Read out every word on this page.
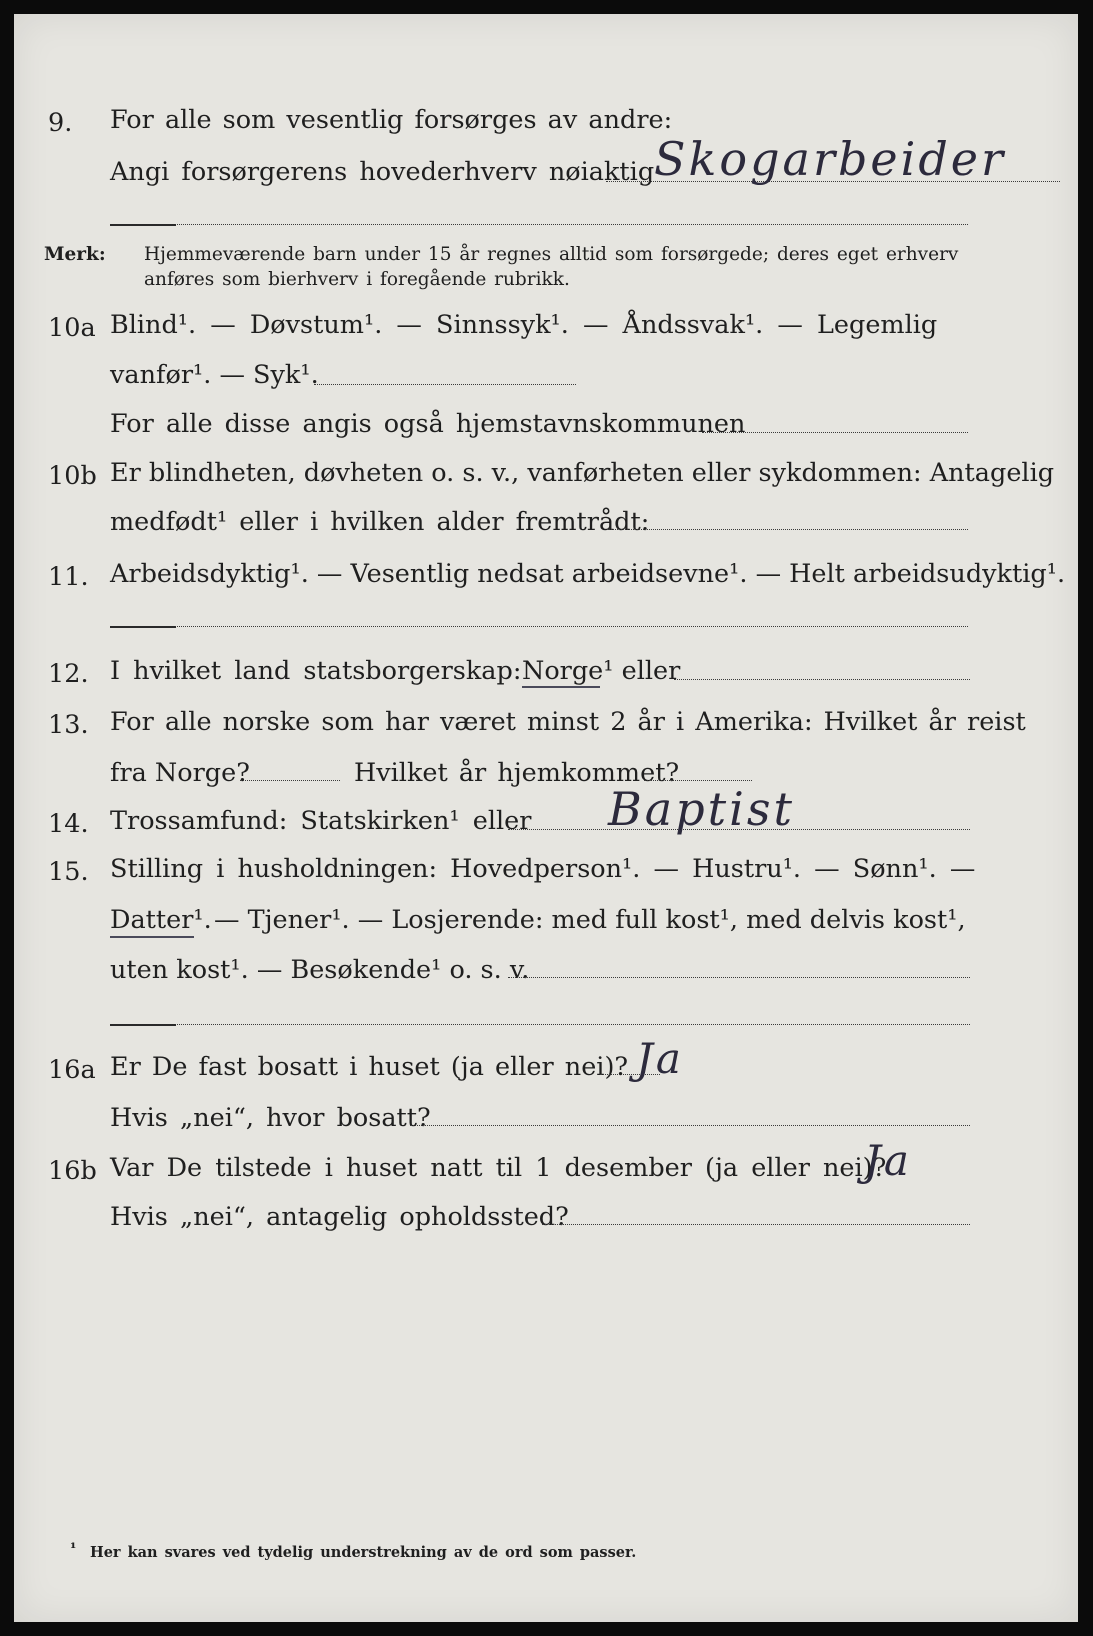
9. For alle som vesentlig forsørges av andre:
Angi forsørgerens hovederhverv nøiaktig Skogarbeider
Merk: Hjemmeværende barn under 15 år regnes alltid som forsørgede; deres eget erhverv
anføres som bierhverv i foregående rubrikk.
10a Blind¹. — Døvstum¹. — Sinnssyk¹. — Åndssvak¹. — Legemlig
vanfør¹. — Syk¹.
For alle disse angis også hjemstavnskommunen
10b Er blindheten, døvheten o. s. v., vanførheten eller sykdommen: Antagelig
medfødt¹ eller i hvilken alder fremtrådt:
11. Arbeidsdyktig¹. — Vesentlig nedsat arbeidsevne¹. — Helt arbeidsudyktig¹.
12. I hvilket land statsborgerskap: Norge¹ eller
13. For alle norske som har været minst 2 år i Amerika: Hvilket år reist
fra Norge?	Hvilket år hjemkommet?
14. Trossamfund: Statskirken¹ eller Baptist
15. Stilling i husholdningen: Hovedperson¹. — Hustru¹. — Sønn¹. —
Datter¹. — Tjener¹. — Losjerende: med full kost¹, med delvis kost¹,
uten kost¹. — Besøkende¹ o. s. v.
16a Er De fast bosatt i huset (ja eller nei)? Ja
Hvis „nei“, hvor bosatt?
16b Var De tilstede i huset natt til 1 desember (ja eller nei)?
Ja
Hvis „nei“, antagelig opholdssted?
¹ Her kan svares ved tydelig understrekning av de ord som passer.
